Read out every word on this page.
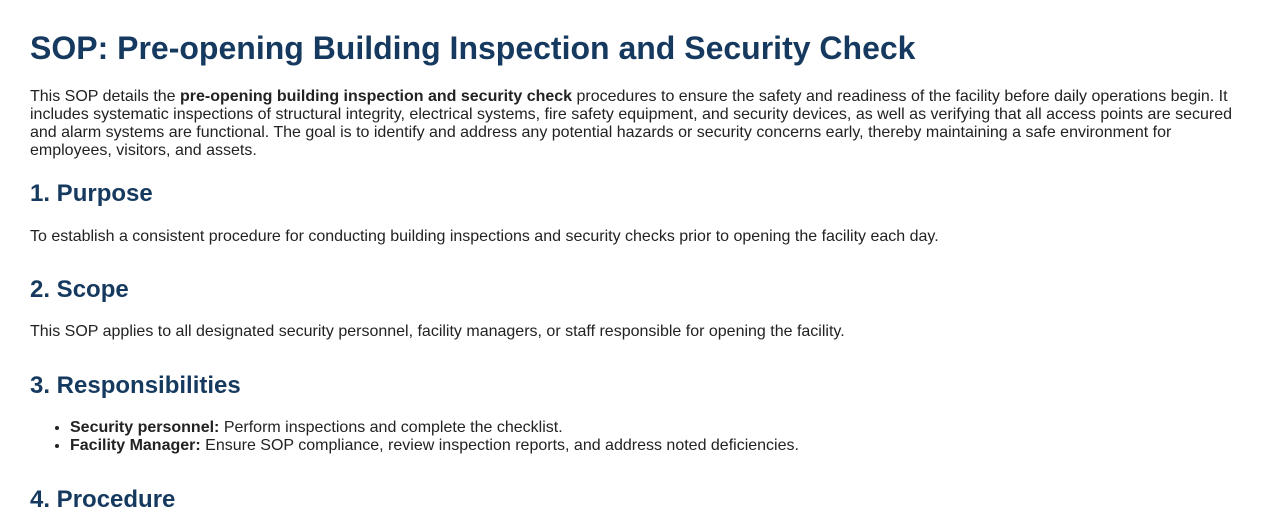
SOP: Pre-opening Building Inspection and Security Check

This SOP details the pre-opening building inspection and security check procedures to ensure the safety and readiness of the facility before daily operations begin. It includes systematic inspections of structural integrity, electrical systems, fire safety equipment, and security devices, as well as verifying that all access points are secured and alarm systems are functional. The goal is to identify and address any potential hazards or security concerns early, thereby maintaining a safe environment for employees, visitors, and assets.

1. Purpose

To establish a consistent procedure for conducting building inspections and security checks prior to opening the facility each day.

2. Scope

This SOP applies to all designated security personnel, facility managers, or staff responsible for opening the facility.

3. Responsibilities
• Security personnel: Perform inspections and complete the checklist.
• Facility Manager: Ensure SOP compliance, review inspection reports, and address noted deficiencies.
4. Procedure
